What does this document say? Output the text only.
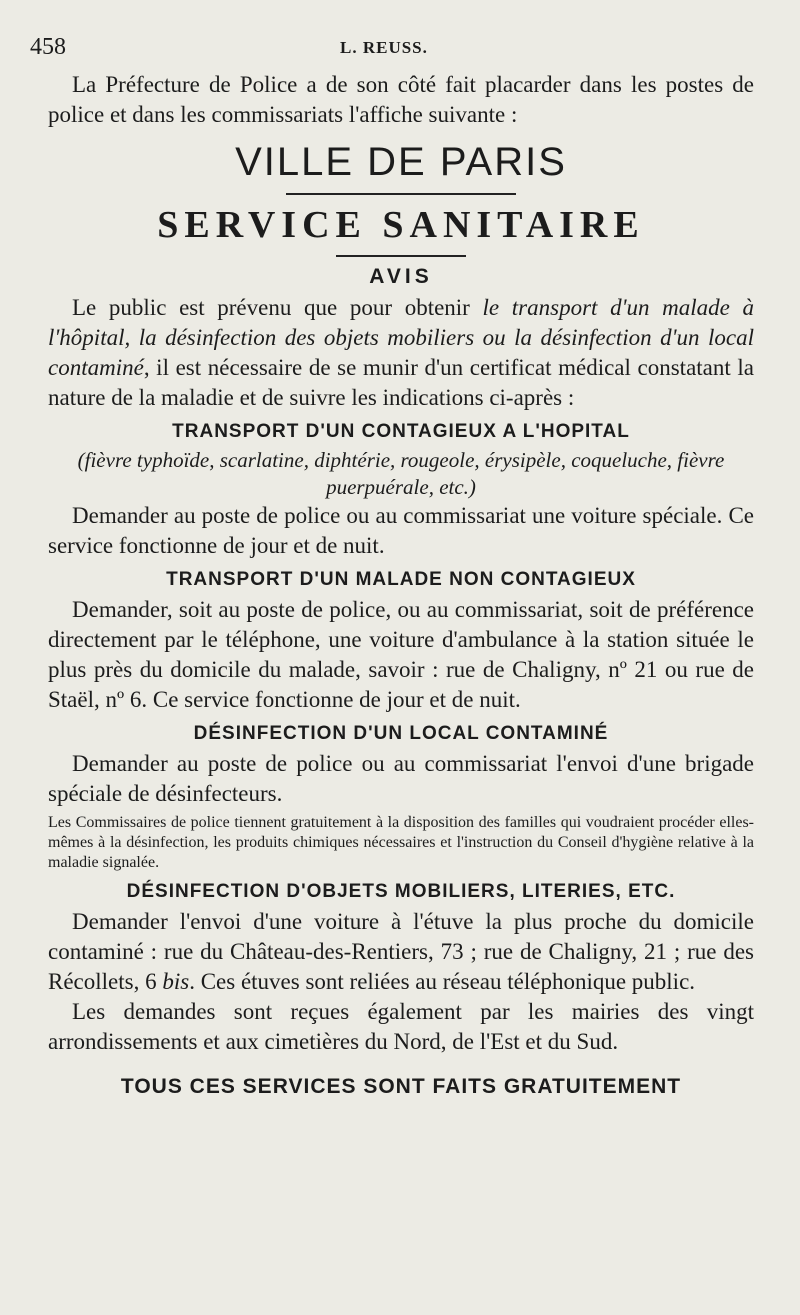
458	L. REUSS.

La Préfecture de Police a de son côté fait placarder dans les postes de police et dans les commissariats l'affiche suivante :

VILLE DE PARIS
SERVICE SANITAIRE
AVIS

Le public est prévenu que pour obtenir le transport d'un malade à l'hôpital, la désinfection des objets mobiliers ou la désinfection d'un local contaminé, il est nécessaire de se munir d'un certificat médical constatant la nature de la maladie et de suivre les indications ci-après :

TRANSPORT D'UN CONTAGIEUX A L'HOPITAL

(fièvre typhoïde, scarlatine, diphtérie, rougeole, érysipèle, coqueluche, fièvre puerpuérale, etc.)

Demander au poste de police ou au commissariat une voiture spéciale. Ce service fonctionne de jour et de nuit.

TRANSPORT D'UN MALADE NON CONTAGIEUX

Demander, soit au poste de police, ou au commissariat, soit de préférence directement par le téléphone, une voiture d'ambulance à la station située le plus près du domicile du malade, savoir : rue de Chaligny, nº 21 ou rue de Staël, nº 6. Ce service fonctionne de jour et de nuit.

DÉSINFECTION D'UN LOCAL CONTAMINÉ

Demander au poste de police ou au commissariat l'envoi d'une brigade spéciale de désinfecteurs.

Les Commissaires de police tiennent gratuitement à la disposition des familles qui voudraient procéder elles-mêmes à la désinfection, les produits chimiques nécessaires et l'instruction du Conseil d'hygiène relative à la maladie signalée.

DÉSINFECTION D'OBJETS MOBILIERS, LITERIES, ETC.

Demander l'envoi d'une voiture à l'étuve la plus proche du domicile contaminé : rue du Château-des-Rentiers, 73 ; rue de Chaligny, 21 ; rue des Récollets, 6 bis. Ces étuves sont reliées au réseau téléphonique public.

Les demandes sont reçues également par les mairies des vingt arrondissements et aux cimetières du Nord, de l'Est et du Sud.

TOUS CES SERVICES SONT FAITS GRATUITEMENT
